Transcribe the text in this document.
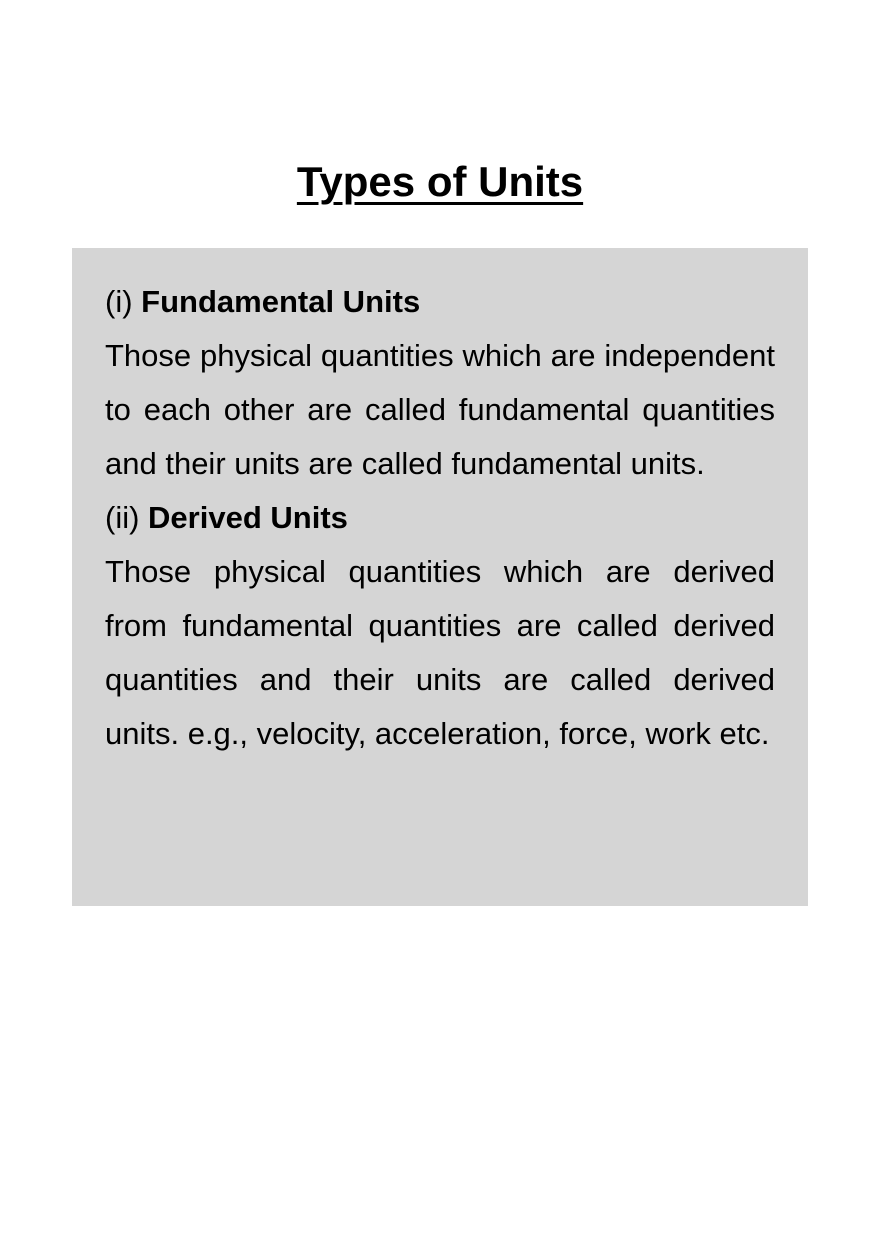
Types of Units

(i) Fundamental Units

Those physical quantities which are independent to each other are called fundamental quantities and their units are called fundamental units.

(ii) Derived Units

Those physical quantities which are derived from fundamental quantities are called derived quantities and their units are called derived units. e.g., velocity, acceleration, force, work etc.
